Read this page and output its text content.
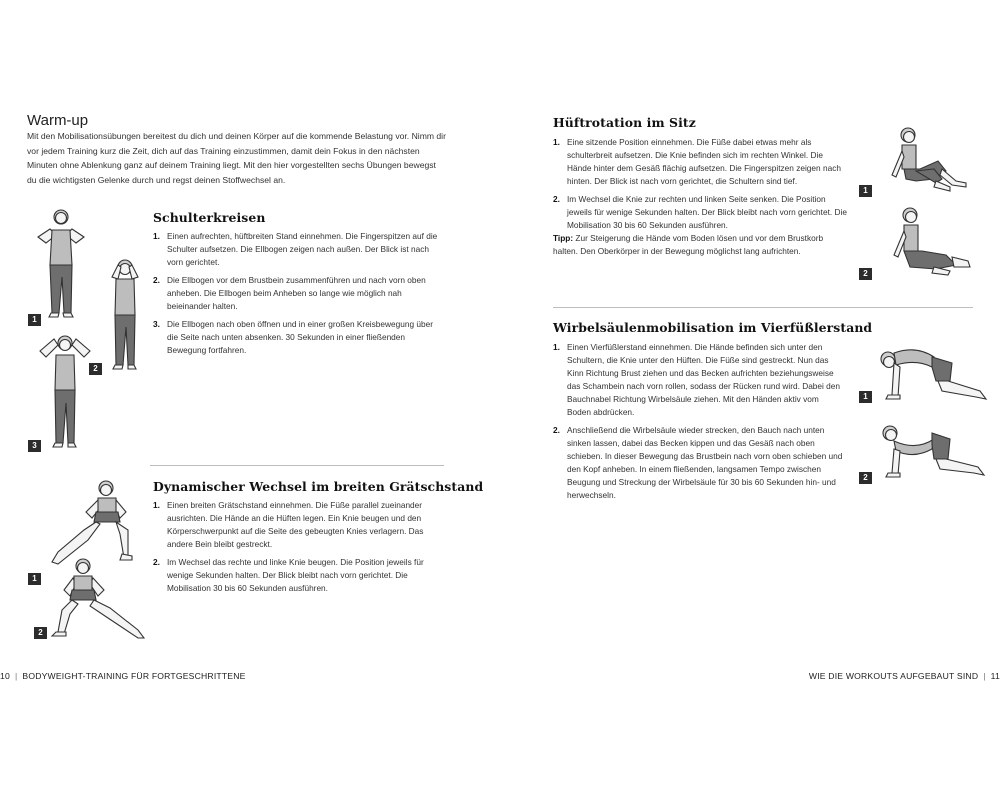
Warm-up

Mit den Mobilisationsübungen bereitest du dich und deinen Körper auf die kommende Belastung vor. Nimm dir vor jedem Training kurz die Zeit, dich auf das Training einzustimmen, damit dein Fokus in den nächsten Minuten ohne Ablenkung ganz auf deinem Training liegt. Mit den hier vorgestellten sechs Übungen bewegst du die wichtigsten Gelenke durch und regst deinen Stoffwechsel an.

1
2
3
Schulterkreisen
1. Einen aufrechten, hüftbreiten Stand einnehmen. Die Fingerspitzen auf die Schulter aufsetzen. Die Ellbogen zeigen nach außen. Der Blick ist nach vorn gerichtet.
2. Die Ellbogen vor dem Brustbein zusammenführen und nach vorn oben anheben. Die Ellbogen beim Anheben so lange wie möglich nah beieinander halten.
3. Die Ellbogen nach oben öffnen und in einer großen Kreisbewegung über die Seite nach unten absenken. 30 Sekunden in einer fließenden Bewegung fortfahren.
1
2
Dynamischer Wechsel im breiten Grätschstand
1. Einen breiten Grätschstand einnehmen. Die Füße parallel zueinander ausrichten. Die Hände an die Hüften legen. Ein Knie beugen und den Körperschwerpunkt auf die Seite des gebeugten Knies verlagern. Das andere Bein bleibt gestreckt.
2. Im Wechsel das rechte und linke Knie beugen. Die Position jeweils für wenige Sekunden halten. Der Blick bleibt nach vorn gerichtet. Die Mobilisation 30 bis 60 Sekunden ausführen.
10 | BODYWEIGHT-TRAINING FÜR FORTGESCHRITTENE
Hüftrotation im Sitz
1. Eine sitzende Position einnehmen. Die Füße dabei etwas mehr als schulterbreit aufsetzen. Die Knie befinden sich im rechten Winkel. Die Hände hinter dem Gesäß flächig aufsetzen. Die Fingerspitzen zeigen nach hinten. Der Blick ist nach vorn gerichtet, die Schultern sind tief.
2. Im Wechsel die Knie zur rechten und linken Seite senken. Die Position jeweils für wenige Sekunden halten. Der Blick bleibt nach vorn gerichtet. Die Mobilisation 30 bis 60 Sekunden ausführen.

Tipp: Zur Steigerung die Hände vom Boden lösen und vor dem Brustkorb halten. Den Oberkörper in der Bewegung möglichst lang aufrichten.

1
2
Wirbelsäulenmobilisation im Vierfüßlerstand
1. Einen Vierfüßlerstand einnehmen. Die Hände befinden sich unter den Schultern, die Knie unter den Hüften. Die Füße sind gestreckt. Nun das Kinn Richtung Brust ziehen und das Becken aufrichten beziehungsweise das Schambein nach vorn rollen, sodass der Rücken rund wird. Dabei den Bauchnabel Richtung Wirbelsäule ziehen. Mit den Händen aktiv vom Boden abdrücken.
2. Anschließend die Wirbelsäule wieder strecken, den Bauch nach unten sinken lassen, dabei das Becken kippen und das Gesäß nach oben schieben. In dieser Bewegung das Brustbein nach vorn oben schieben und den Kopf anheben. In einem fließenden, langsamen Tempo zwischen Beugung und Streckung der Wirbelsäule für 30 bis 60 Sekunden hin- und herwechseln.
1
2
WIE DIE WORKOUTS AUFGEBAUT SIND | 11
